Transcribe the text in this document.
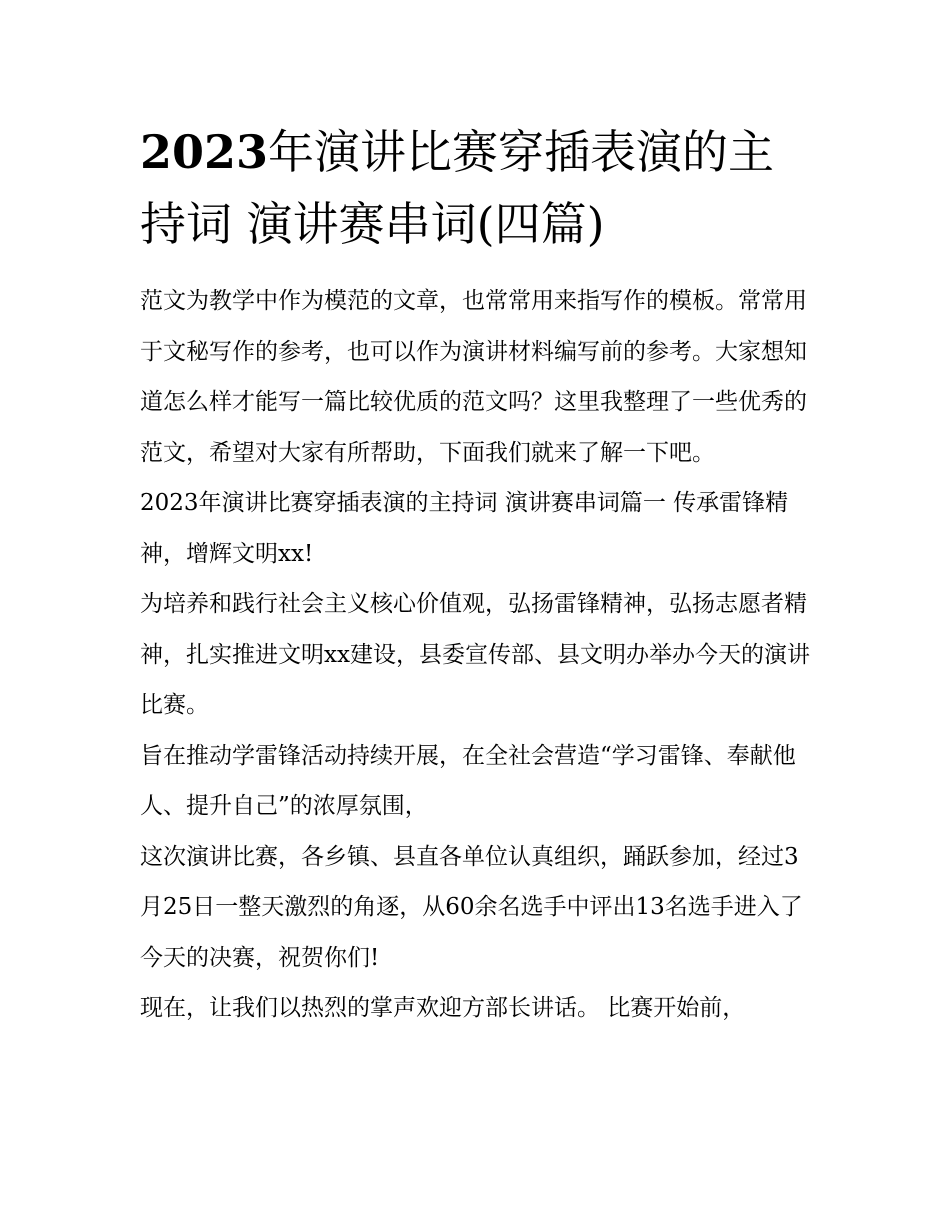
2023年演讲比赛穿插表演的主持词 演讲赛串词(四篇)

范文为教学中作为模范的文章，也常常用来指写作的模板。常常用于文秘写作的参考，也可以作为演讲材料编写前的参考。大家想知道怎么样才能写一篇比较优质的范文吗？这里我整理了一些优秀的范文，希望对大家有所帮助，下面我们就来了解一下吧。

2023年演讲比赛穿插表演的主持词 演讲赛串词篇一 传承雷锋精神，增辉文明xx!

为培养和践行社会主义核心价值观，弘扬雷锋精神，弘扬志愿者精神，扎实推进文明xx建设，县委宣传部、县文明办举办今天的演讲比赛。

旨在推动学雷锋活动持续开展，在全社会营造“学习雷锋、奉献他人、提升自己”的浓厚氛围，

这次演讲比赛，各乡镇、县直各单位认真组织，踊跃参加，经过3月25日一整天激烈的角逐，从60余名选手中评出13名选手进入了今天的决赛，祝贺你们!

现在，让我们以热烈的掌声欢迎方部长讲话。 比赛开始前，
